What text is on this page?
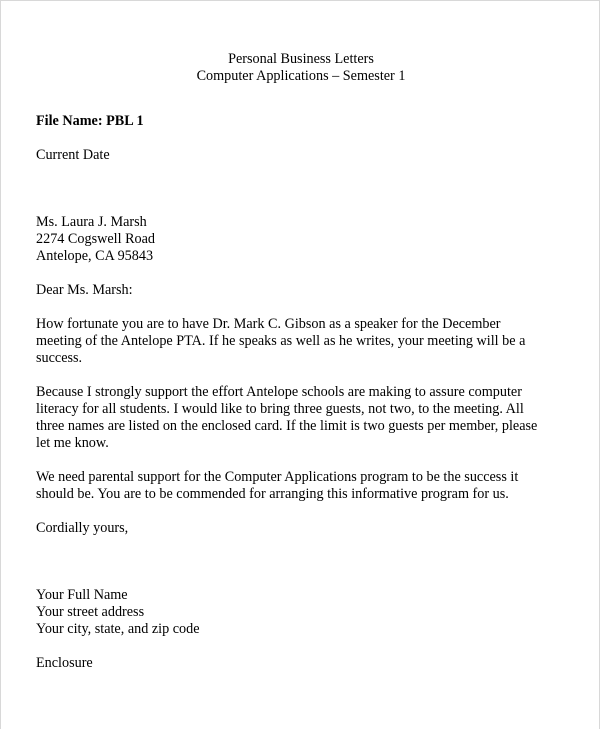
Personal Business Letters
Computer Applications – Semester 1
File Name: PBL 1
Current Date
Ms. Laura J. Marsh
2274 Cogswell Road
Antelope, CA 95843
Dear Ms. Marsh:
How fortunate you are to have Dr. Mark C. Gibson as a speaker for the December
meeting of the Antelope PTA. If he speaks as well as he writes, your meeting will be a
success.
Because I strongly support the effort Antelope schools are making to assure computer
literacy for all students. I would like to bring three guests, not two, to the meeting. All
three names are listed on the enclosed card. If the limit is two guests per member, please
let me know.
We need parental support for the Computer Applications program to be the success it
should be. You are to be commended for arranging this informative program for us.
Cordially yours,
Your Full Name
Your street address
Your city, state, and zip code
Enclosure
